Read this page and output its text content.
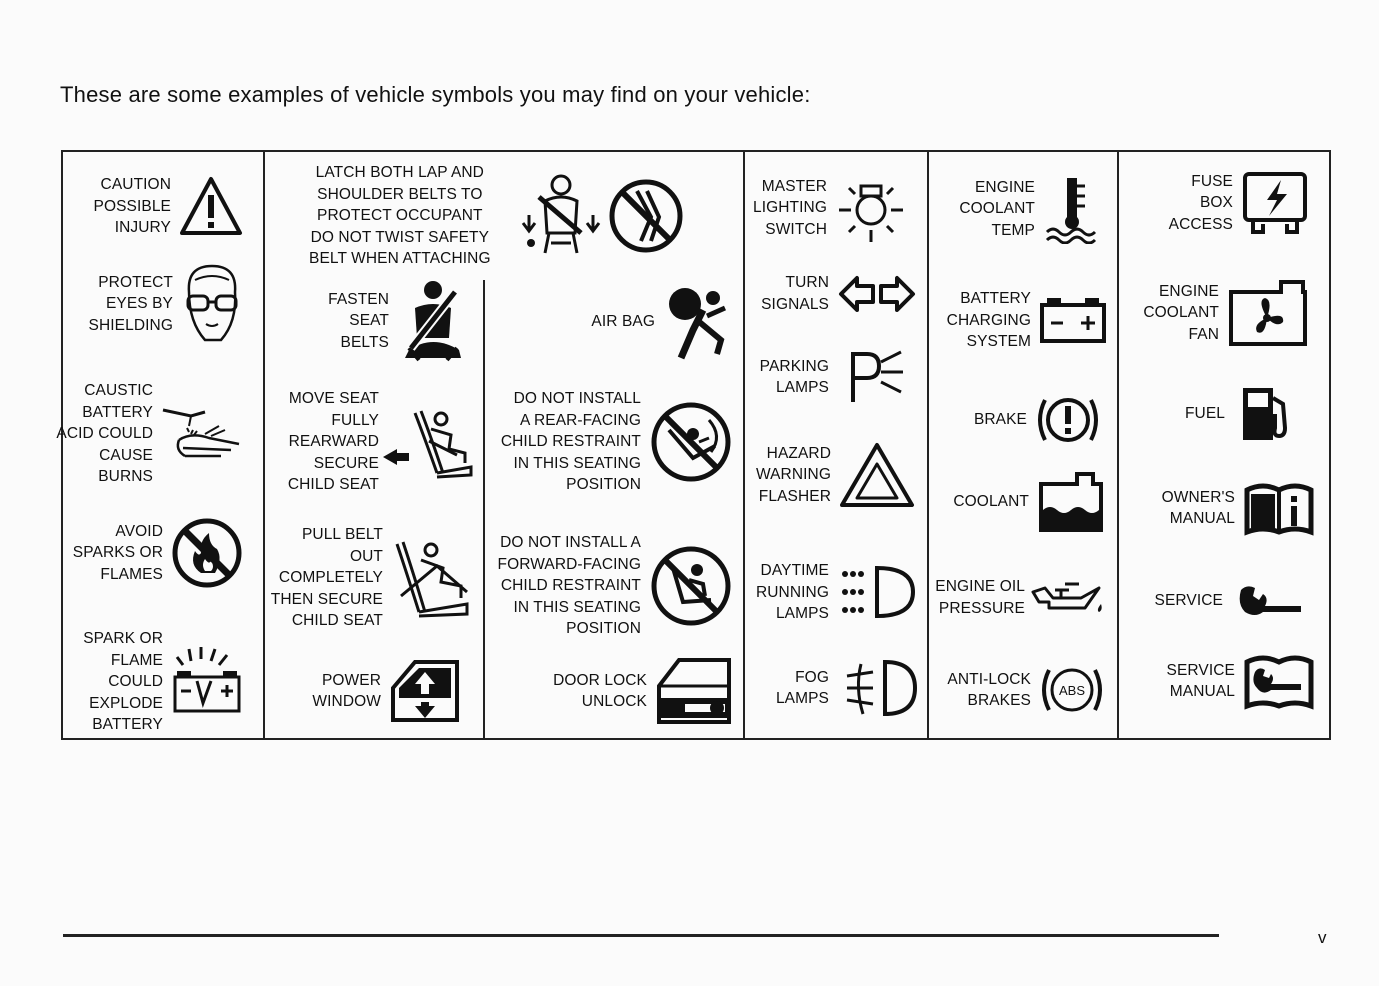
These are some examples of vehicle symbols you may find on your vehicle:
CAUTION
POSSIBLE
INJURY
PROTECT
EYES BY
SHIELDING
CAUSTIC
BATTERY
ACID COULD
CAUSE
BURNS
AVOID
SPARKS OR
FLAMES
SPARK OR
FLAME
COULD
EXPLODE
BATTERY
LATCH BOTH LAP AND
SHOULDER BELTS TO
PROTECT OCCUPANT
DO NOT TWIST SAFETY
BELT WHEN ATTACHING
FASTEN
SEAT
BELTS
MOVE SEAT
FULLY
REARWARD
SECURE
CHILD SEAT
PULL BELT
OUT
COMPLETELY
THEN SECURE
CHILD SEAT
POWER
WINDOW
AIR BAG
DO NOT INSTALL
A REAR-FACING
CHILD RESTRAINT
IN THIS SEATING
POSITION
DO NOT INSTALL A
FORWARD-FACING
CHILD RESTRAINT
IN THIS SEATING
POSITION
DOOR LOCK
UNLOCK
MASTER
LIGHTING
SWITCH
TURN
SIGNALS
PARKING
LAMPS
HAZARD
WARNING
FLASHER
DAYTIME
RUNNING
LAMPS
FOG
LAMPS
ENGINE
COOLANT
TEMP
BATTERY
CHARGING
SYSTEM
BRAKE
COOLANT
ENGINE OIL
PRESSURE
ANTI-LOCK
BRAKES
ABS
FUSE
BOX
ACCESS
ENGINE
COOLANT
FAN
FUEL
OWNER'S
MANUAL
SERVICE
SERVICE
MANUAL
v
